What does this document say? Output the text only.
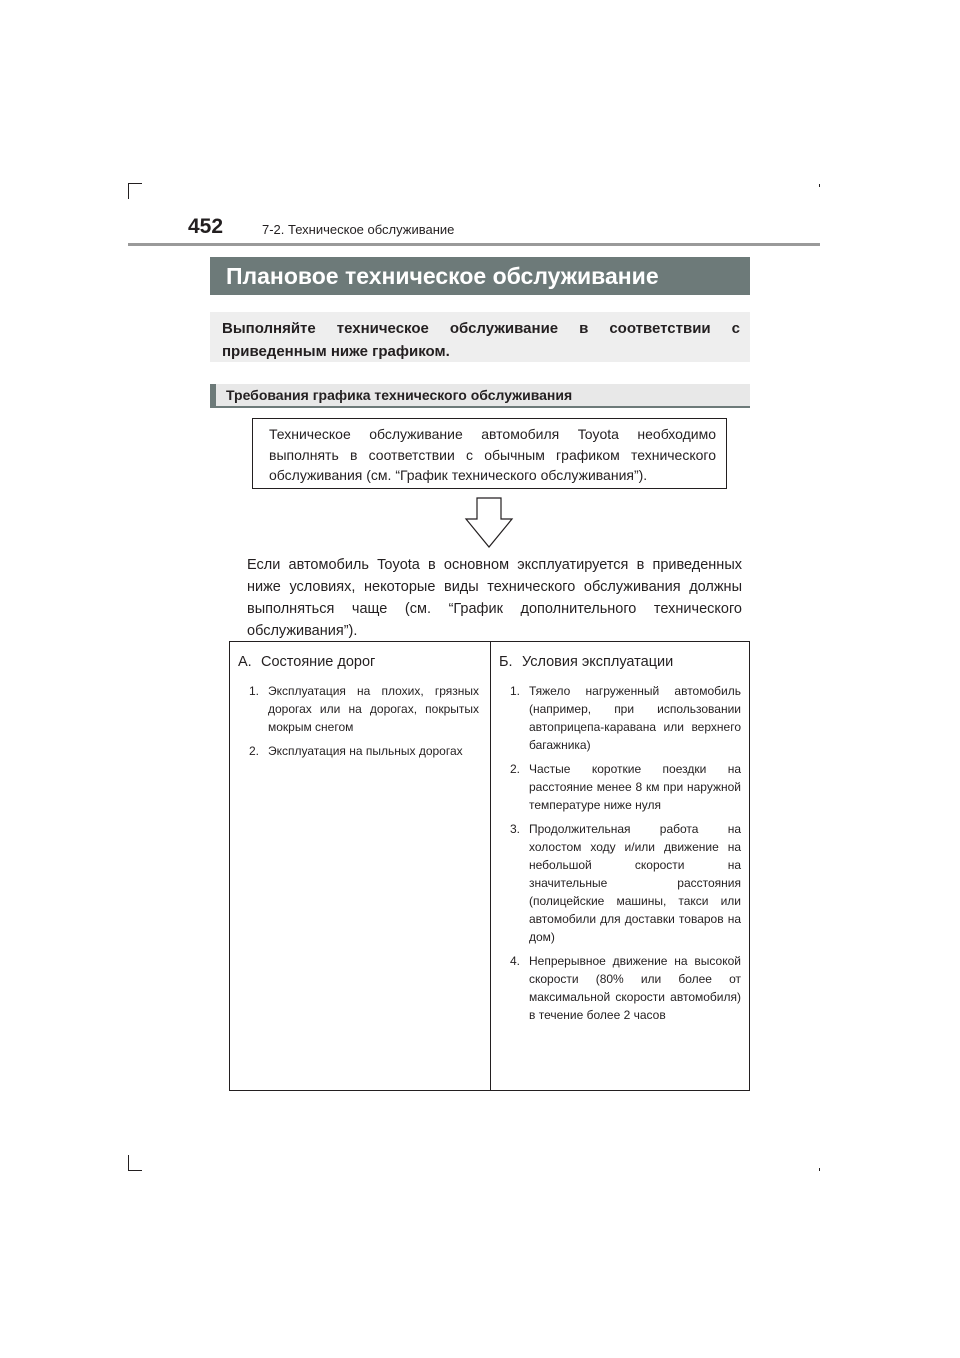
452	7-2. Техническое обслуживание
Плановое техническое обслуживание
Выполняйте техническое обслуживание в соответствии с приведенным ниже графиком.
Требования графика технического обслуживания
Техническое обслуживание автомобиля Toyota необходимо выполнять в соответствии с обычным графиком технического обслуживания (см. “График технического обслуживания”).
Если автомобиль Toyota в основном эксплуатируется в приведенных ниже условиях, некоторые виды технического обслуживания должны выполняться чаще (см. “График дополнительного технического обслуживания”).
A. Состояние дорог
1. Эксплуатация на плохих, грязных дорогах или на дорогах, покрытых мокрым снегом
2. Эксплуатация на пыльных дорогах
Б. Условия эксплуатации
1. Тяжело нагруженный автомобиль (например, при использовании автоприцепа-каравана или верхнего багажника)
2. Частые короткие поездки на расстояние менее 8 км при наружной температуре ниже нуля
3. Продолжительная работа на холостом ходу и/или движение на небольшой скорости на значительные расстояния (полицейские машины, такси или автомобили для доставки товаров на дом)
4. Непрерывное движение на высокой скорости (80% или более от максимальной скорости автомобиля) в течение более 2 часов
